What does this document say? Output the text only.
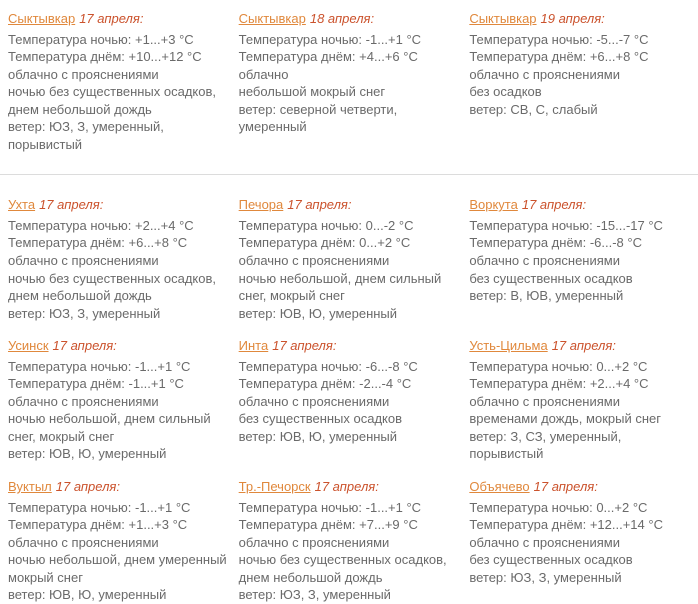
Сыктывкар 17 апреля:
Температура ночью: +1...+3 °C
Температура днём: +10...+12 °C
облачно с прояснениями
ночью без существенных осадков, днем небольшой дождь
ветер: ЮЗ, З, умеренный, порывистый
Сыктывкар 18 апреля:
Температура ночью: -1...+1 °C
Температура днём: +4...+6 °C
облачно
небольшой мокрый снег
ветер: северной четверти, умеренный
Сыктывкар 19 апреля:
Температура ночью: -5...-7 °C
Температура днём: +6...+8 °C
облачно с прояснениями
без осадков
ветер: СВ, С, слабый
Ухта 17 апреля:
Температура ночью: +2...+4 °C
Температура днём: +6...+8 °C
облачно с прояснениями
ночью без существенных осадков, днем небольшой дождь
ветер: ЮЗ, З, умеренный
Печора 17 апреля:
Температура ночью: 0...-2 °C
Температура днём: 0...+2 °C
облачно с прояснениями
ночью небольшой, днем сильный снег, мокрый снег
ветер: ЮВ, Ю, умеренный
Воркута 17 апреля:
Температура ночью: -15...-17 °C
Температура днём: -6...-8 °C
облачно с прояснениями
без существенных осадков
ветер: В, ЮВ, умеренный
Усинск 17 апреля:
Температура ночью: -1...+1 °C
Температура днём: -1...+1 °C
облачно с прояснениями
ночью небольшой, днем сильный снег, мокрый снег
ветер: ЮВ, Ю, умеренный
Инта 17 апреля:
Температура ночью: -6...-8 °C
Температура днём: -2...-4 °C
облачно с прояснениями
без существенных осадков
ветер: ЮВ, Ю, умеренный
Усть-Цильма 17 апреля:
Температура ночью: 0...+2 °C
Температура днём: +2...+4 °C
облачно с прояснениями
временами дождь, мокрый снег
ветер: З, СЗ, умеренный, порывистый
Вуктыл 17 апреля:
Температура ночью: -1...+1 °C
Температура днём: +1...+3 °C
облачно с прояснениями
ночью небольшой, днем умеренный мокрый снег
ветер: ЮВ, Ю, умеренный
Тр.-Печорск 17 апреля:
Температура ночью: -1...+1 °C
Температура днём: +7...+9 °C
облачно с прояснениями
ночью без существенных осадков, днем небольшой дождь
ветер: ЮЗ, З, умеренный
Объячево 17 апреля:
Температура ночью: 0...+2 °C
Температура днём: +12...+14 °C
облачно с прояснениями
без существенных осадков
ветер: ЮЗ, З, умеренный
